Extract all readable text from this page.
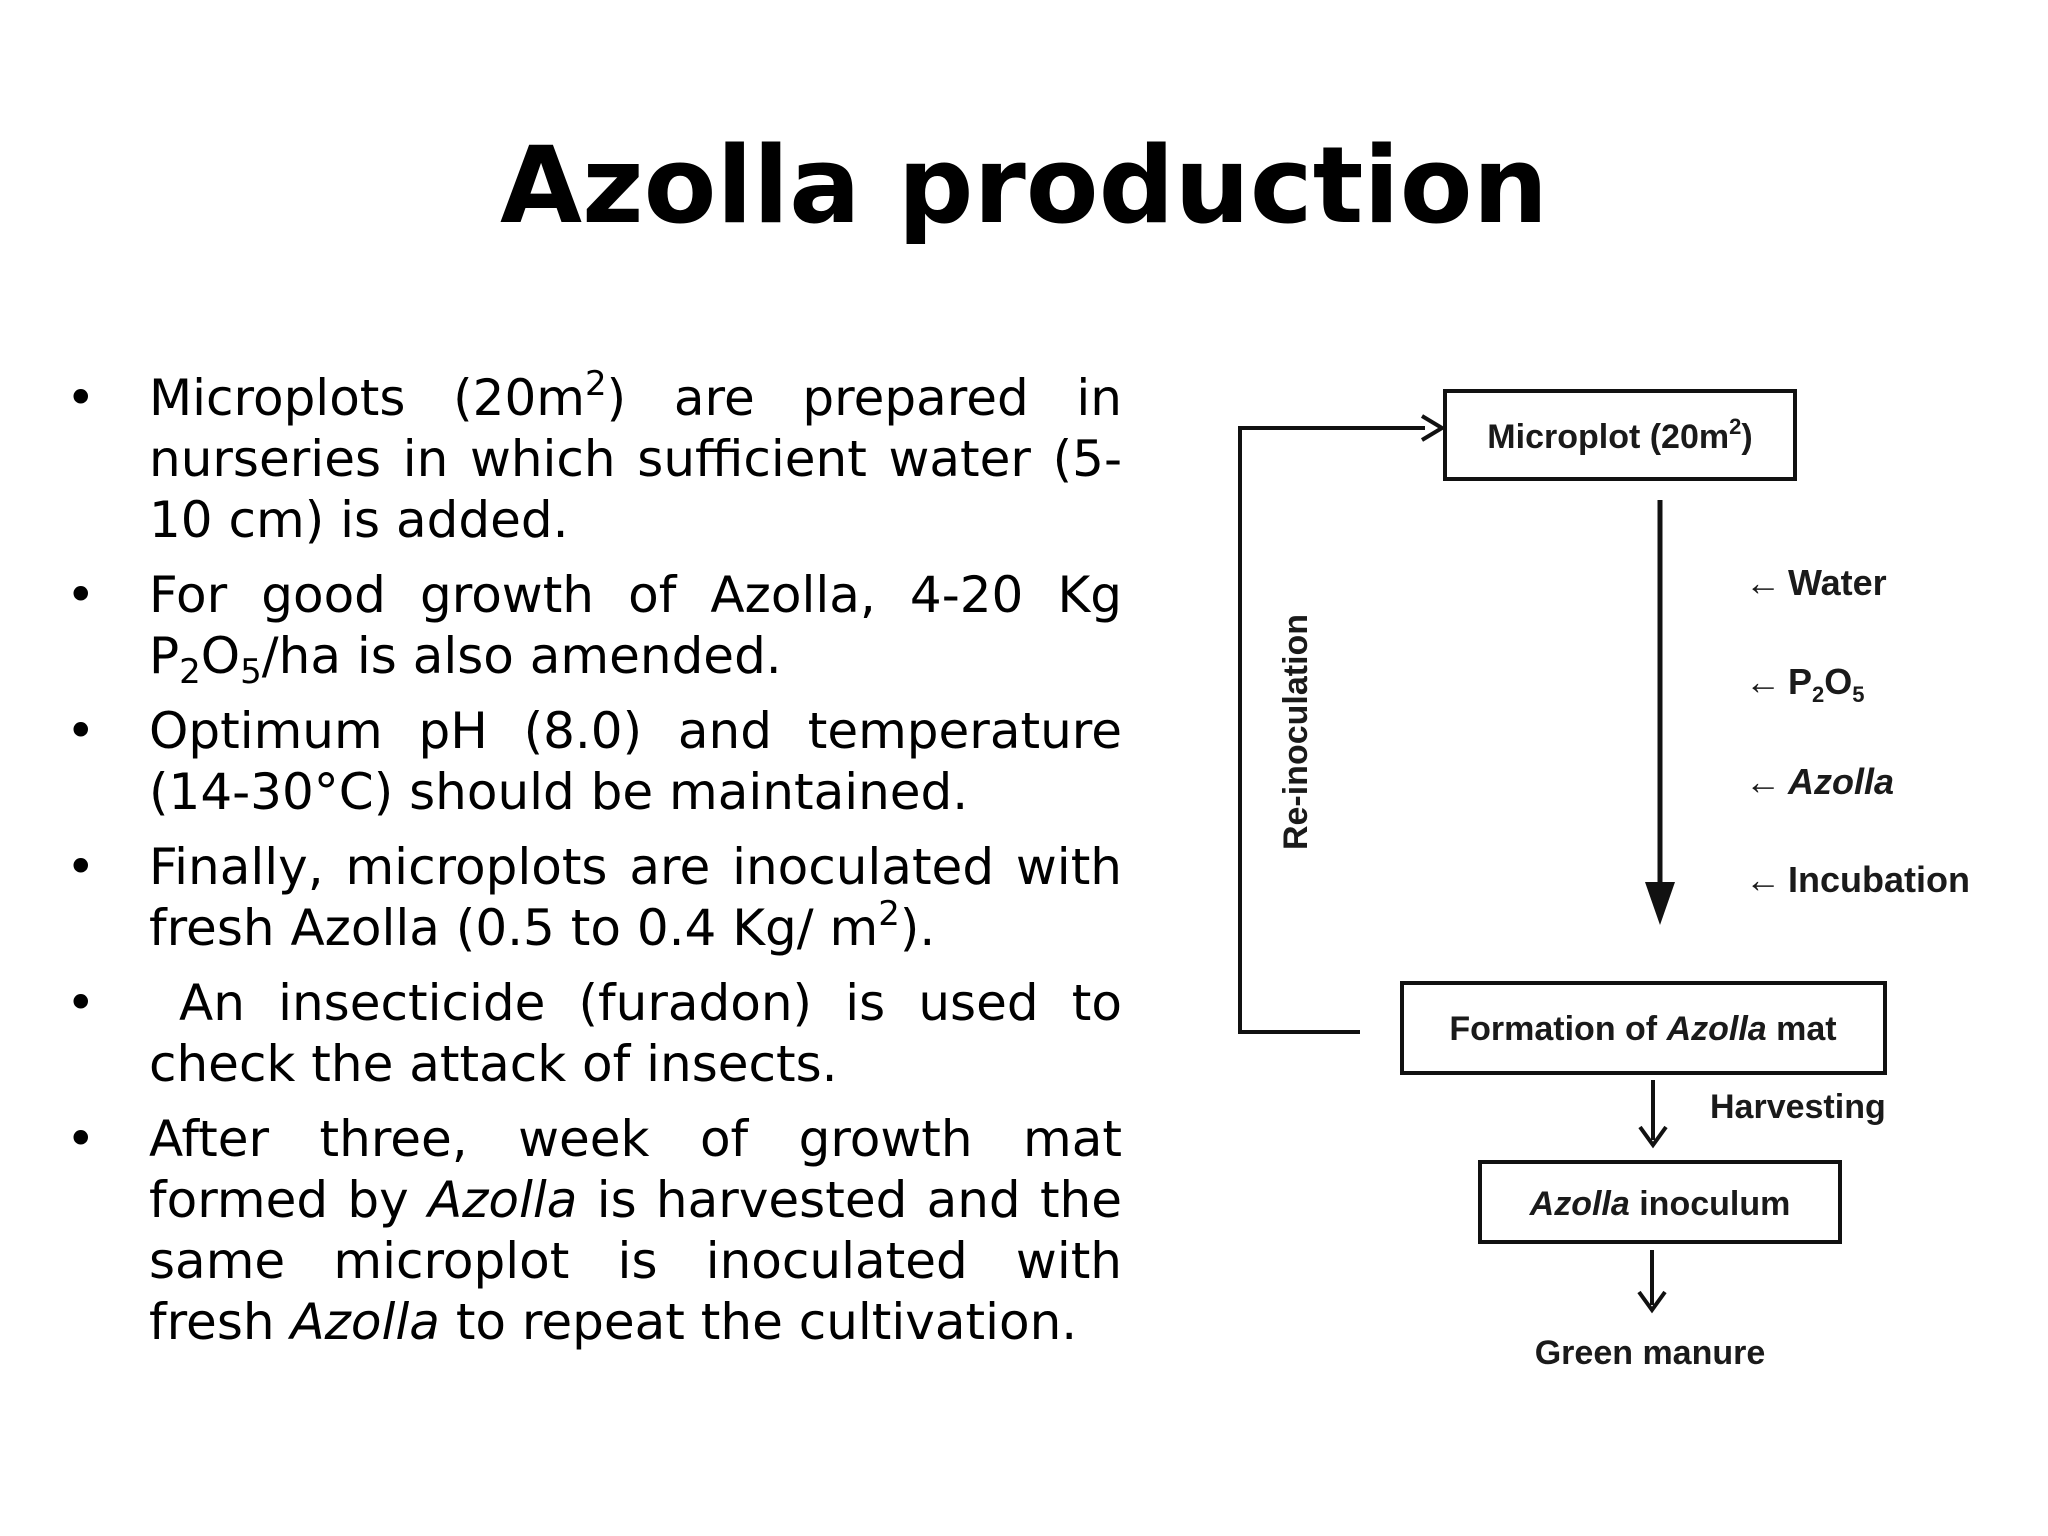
Azolla production
• Microplots $(20m^2)$ are prepared in nurseries in which sufficient water (5-10 cm) is added.
• For good growth of Azolla, 4-20 Kg $P_2O_5/ha$ is also amended.
• Optimum pH (8.0) and temperature (14-30°C) should be maintained.
• Finally, microplots are inoculated with fresh Azolla (0.5 to 0.4 Kg/ $m^2$).
• An insecticide (furadon) is used to check the attack of insects.
• After three, week of growth mat formed by Azolla is harvested and the same microplot is inoculated with fresh Azolla to repeat the cultivation.
Microplot $(20m^2)$
Re-inoculation
← Water
← $P_2O_5$
← Azolla
← Incubation
Formation of Azolla mat
Harvesting
Azolla inoculum
Green manure
